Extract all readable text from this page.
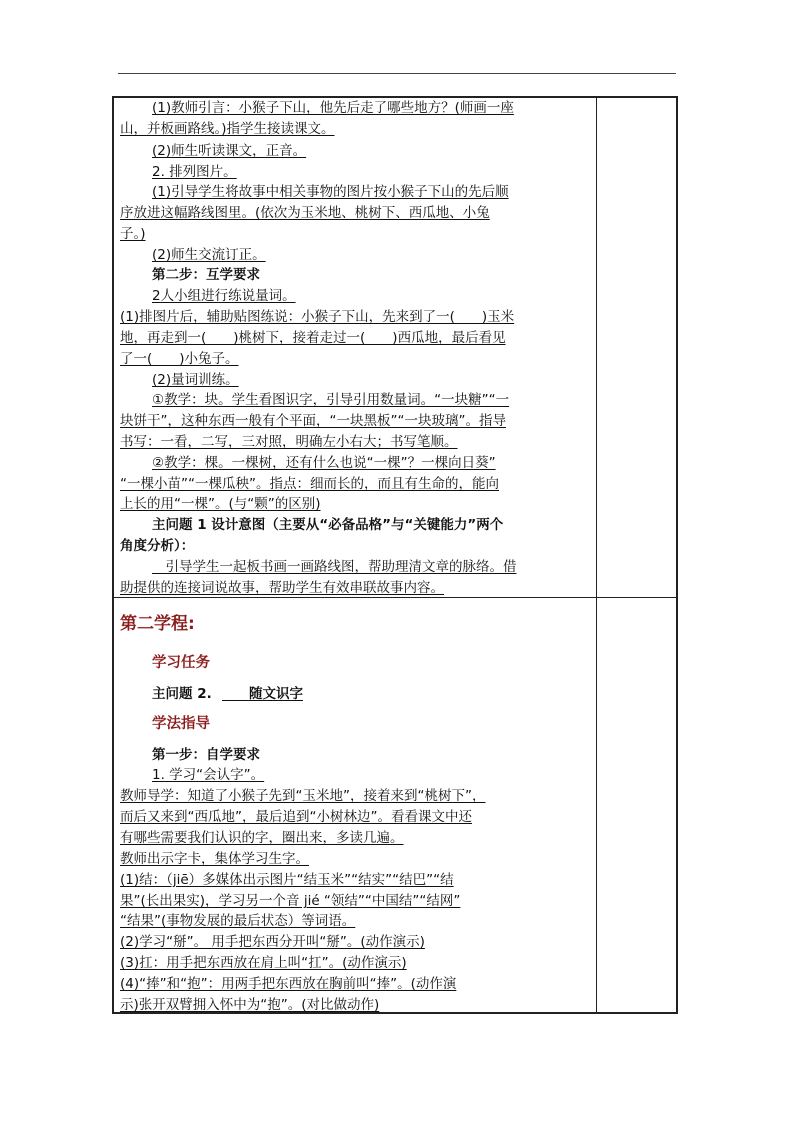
(1)教师引言：小猴子下山，他先后走了哪些地方？(师画一座
山，并板画路线。)指学生接读课文。
(2)师生听读课文，正音。
2. 排列图片。
(1)引导学生将故事中相关事物的图片按小猴子下山的先后顺
序放进这幅路线图里。(依次为玉米地、桃树下、西瓜地、小兔
子。)
(2)师生交流订正。
第二步：互学要求
2人小组进行练说量词。
(1)排图片后，辅助贴图练说：小猴子下山，先来到了一(　　)玉米
地，再走到一(　　)桃树下，接着走过一(　　)西瓜地，最后看见
了一(　　)小兔子。
(2)量词训练。
①教学：块。学生看图识字，引导引用数量词。“一块糖”“一
块饼干”，这种东西一般有个平面，“一块黑板”“一块玻璃”。指导
书写：一看，二写，三对照，明确左小右大；书写笔顺。
②教学：棵。一棵树，还有什么也说“一棵”？一棵向日葵”
“一棵小苗”“一棵瓜秧”。指点：细而长的，而且有生命的，能向
上长的用“一棵”。(与“颗”的区别)
主问题 1 设计意图（主要从“必备品格”与“关键能力”两个
角度分析）：
　引导学生一起板书画一画路线图，帮助理清文章的脉络。借
助提供的连接词说故事，帮助学生有效串联故事内容。
第二学程:
学习任务
主问题 2. 　　随文识字
学法指导
第一步：自学要求
1. 学习“会认字”。
教师导学：知道了小猴子先到“玉米地”，接着来到“桃树下”，
而后又来到“西瓜地”，最后追到“小树林边”。看看课文中还
有哪些需要我们认识的字，圈出来，多读几遍。
教师出示字卡，集体学习生字。
(1)结：（jiē）多媒体出示图片“结玉米”“结实”“结巴”“结
果”(长出果实)，学习另一个音 jié “领结”“中国结”“结网”
“结果”(事物发展的最后状态）等词语。
(2)学习“掰”。 用手把东西分开叫“掰”。(动作演示)
(3)扛：用手把东西放在肩上叫“扛”。(动作演示)
(4)“捧”和“抱”：用两手把东西放在胸前叫“捧”。(动作演
示)张开双臂拥入怀中为“抱”。(对比做动作)
